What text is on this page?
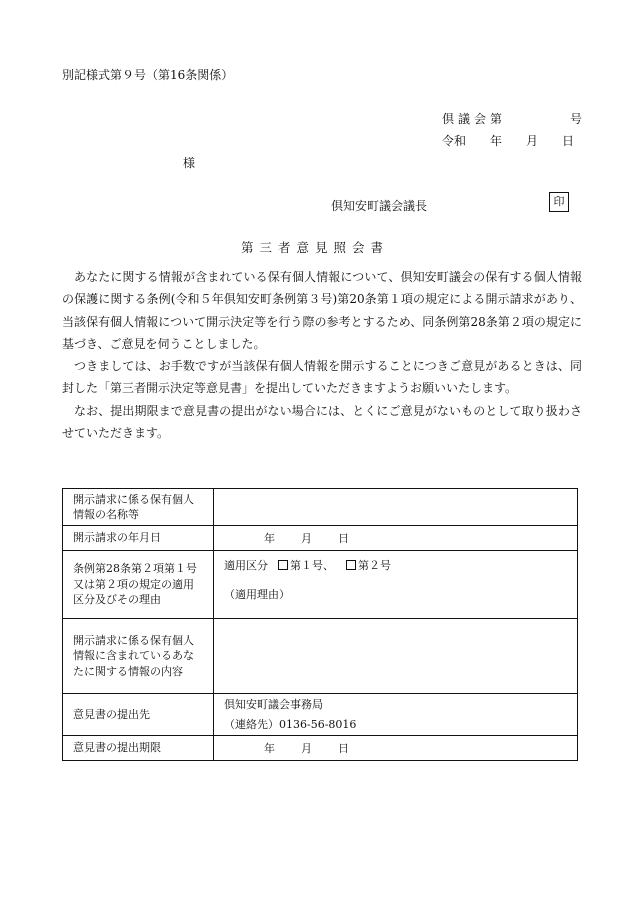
別記様式第９号（第16条関係）
倶議会第	号
令和 年 月 日
様
倶知安町議会議長	印
第三者意見照会書

あなたに関する情報が含まれている保有個人情報について、倶知安町議会の保有する個人情報の保護に関する条例(令和５年倶知安町条例第３号)第20条第１項の規定による開示請求があり、当該保有個人情報について開示決定等を行う際の参考とするため、同条例第28条第２項の規定に基づき、ご意見を伺うことしました。

つきましては、お手数ですが当該保有個人情報を開示することにつきご意見があるときは、同封した「第三者開示決定等意見書」を提出していただきますようお願いいたします。

なお、提出期限まで意見書の提出がない場合には、とくにご意見がないものとして取り扱わさせていただきます。

開示請求に係る保有個人情報の名称等	
開示請求の年月日	年 月 日
条例第28条第２項第１号又は第２項の規定の適用区分及びその理由	適用区分 第１号、 第２号
（適用理由）

開示請求に係る保有個人情報に含まれているあなたに関する情報の内容	
意見書の提出先	倶知安町議会事務局
（連絡先）0136-56-8016

意見書の提出期限	年 月 日
